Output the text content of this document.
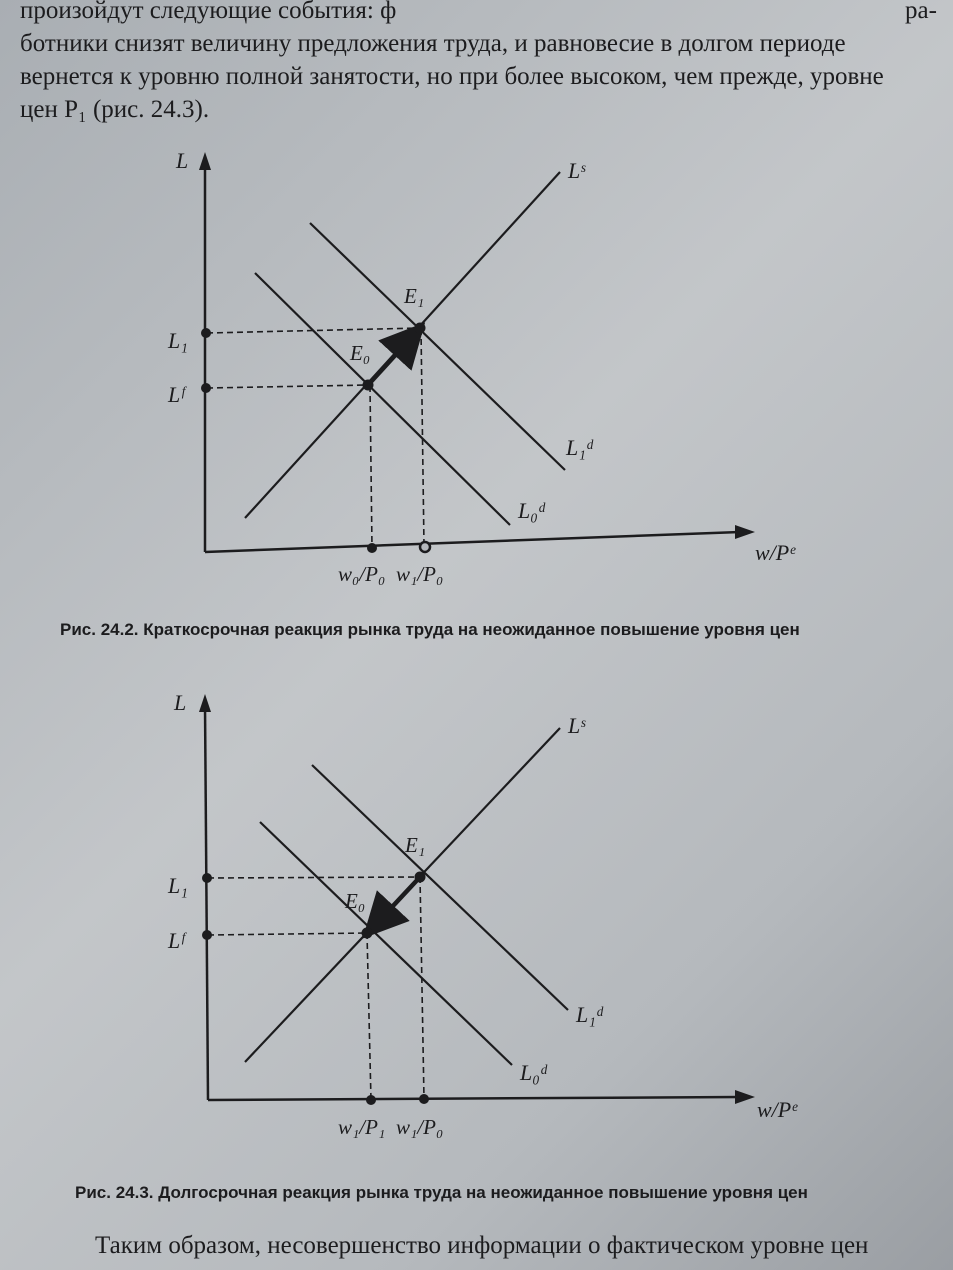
произойдут следующие события: ф	ра-
ботники снизят величину предложения труда, и равновесие в долгом периоде
вернется к уровню полной занятости, но при более высоком, чем прежде, уровне
цен P₁ (рис. 24.3).
L
w/Pᵉ
L₁
Lᶠ
w₀/P₀ w₁/P₀
E₀
E₁
Lˢ
L₁ᵈ
L₀ᵈ
Рис. 24.2. Краткосрочная реакция рынка труда на неожиданное повышение уровня цен
L
w/Pᵉ
L₁
Lᶠ
w₁/P₁ w₁/P₀
E₀
E₁
Lˢ
L₁ᵈ
L₀ᵈ
Рис. 24.3. Долгосрочная реакция рынка труда на неожиданное повышение уровня цен
Таким образом, несовершенство информации о фактическом уровне цен
